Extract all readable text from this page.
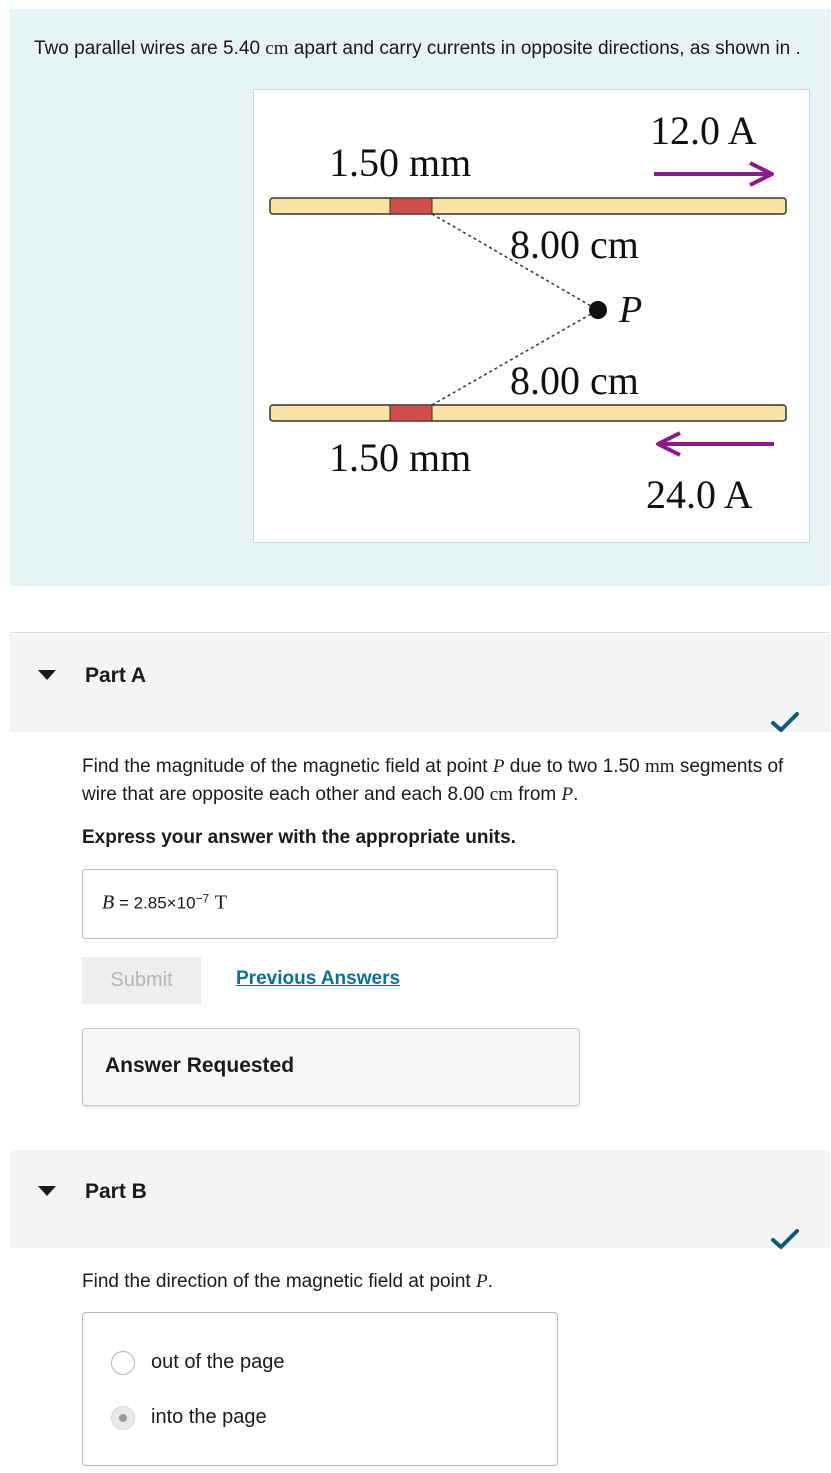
Two parallel wires are 5.40 cm apart and carry currents in opposite directions, as shown in .
P
1.50 mm
1.50 mm
8.00 cm
8.00 cm
12.0 A
24.0 A
Part A
Find the magnitude of the magnetic field at point P due to two 1.50 mm segments of wire that are opposite each other and each 8.00 cm from P.
Express your answer with the appropriate units.
$B = 2.85\times 10^{-7}$ T
Submit	Previous Answers
Answer Requested
Part B
Find the direction of the magnetic field at point P.
out of the page
into the page
